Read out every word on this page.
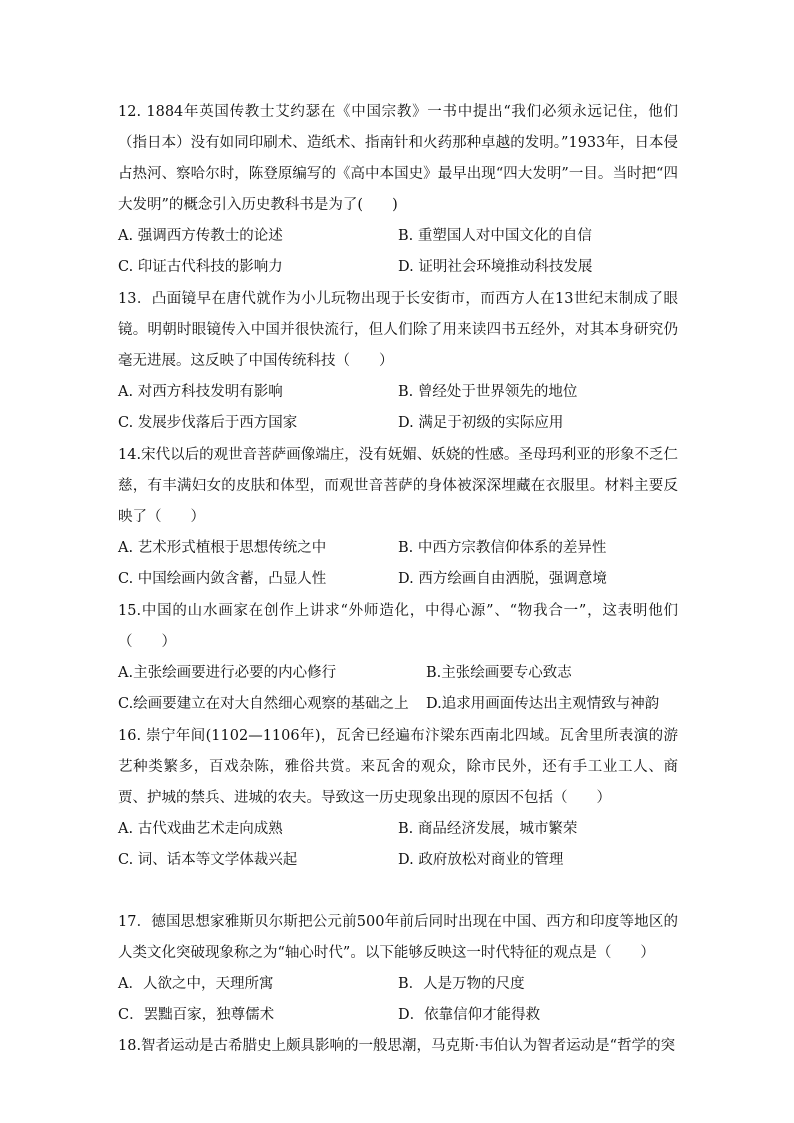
12. 1884年英国传教士艾约瑟在《中国宗教》一书中提出“我们必须永远记住，他们（指日本）没有如同印刷术、造纸术、指南针和火药那种卓越的发明。”1933年，日本侵占热河、察哈尔时，陈登原编写的《高中本国史》最早出现“四大发明”一目。当时把“四大发明”的概念引入历史教科书是为了(　　)

A. 强调西方传教士的论述	B. 重塑国人对中国文化的自信
C. 印证古代科技的影响力	D. 证明社会环境推动科技发展

13．凸面镜早在唐代就作为小儿玩物出现于长安街市，而西方人在13世纪末制成了眼镜。明朝时眼镜传入中国并很快流行，但人们除了用来读四书五经外，对其本身研究仍毫无进展。这反映了中国传统科技（　　）

A. 对西方科技发明有影响	B. 曾经处于世界领先的地位
C. 发展步伐落后于西方国家	D. 满足于初级的实际应用

14.宋代以后的观世音菩萨画像端庄，没有妩媚、妖娆的性感。圣母玛利亚的形象不乏仁慈，有丰满妇女的皮肤和体型，而观世音菩萨的身体被深深埋藏在衣服里。材料主要反映了（　　）

A. 艺术形式植根于思想传统之中	B. 中西方宗教信仰体系的差异性
C. 中国绘画内敛含蓄，凸显人性	D. 西方绘画自由洒脱，强调意境

15.中国的山水画家在创作上讲求“外师造化，中得心源”、“物我合一”，这表明他们（　　）

A.主张绘画要进行必要的内心修行	B.主张绘画要专心致志
C.绘画要建立在对大自然细心观察的基础之上 D.追求用画面传达出主观情致与神韵

16. 崇宁年间(1102—1106年)，瓦舍已经遍布汴梁东西南北四域。瓦舍里所表演的游艺种类繁多，百戏杂陈，雅俗共赏。来瓦舍的观众，除市民外，还有手工业工人、商贾、护城的禁兵、进城的农夫。导致这一历史现象出现的原因不包括（　　）

A. 古代戏曲艺术走向成熟	B. 商品经济发展，城市繁荣
C. 词、话本等文学体裁兴起	D. 政府放松对商业的管理

17．德国思想家雅斯贝尔斯把公元前500年前后同时出现在中国、西方和印度等地区的人类文化突破现象称之为“轴心时代”。以下能够反映这一时代特征的观点是（　　）

A．人欲之中，天理所寓	B．人是万物的尺度
C．罢黜百家，独尊儒术	D．依靠信仰才能得救

18.智者运动是古希腊史上颇具影响的一般思潮，马克斯·韦伯认为智者运动是“哲学的突
